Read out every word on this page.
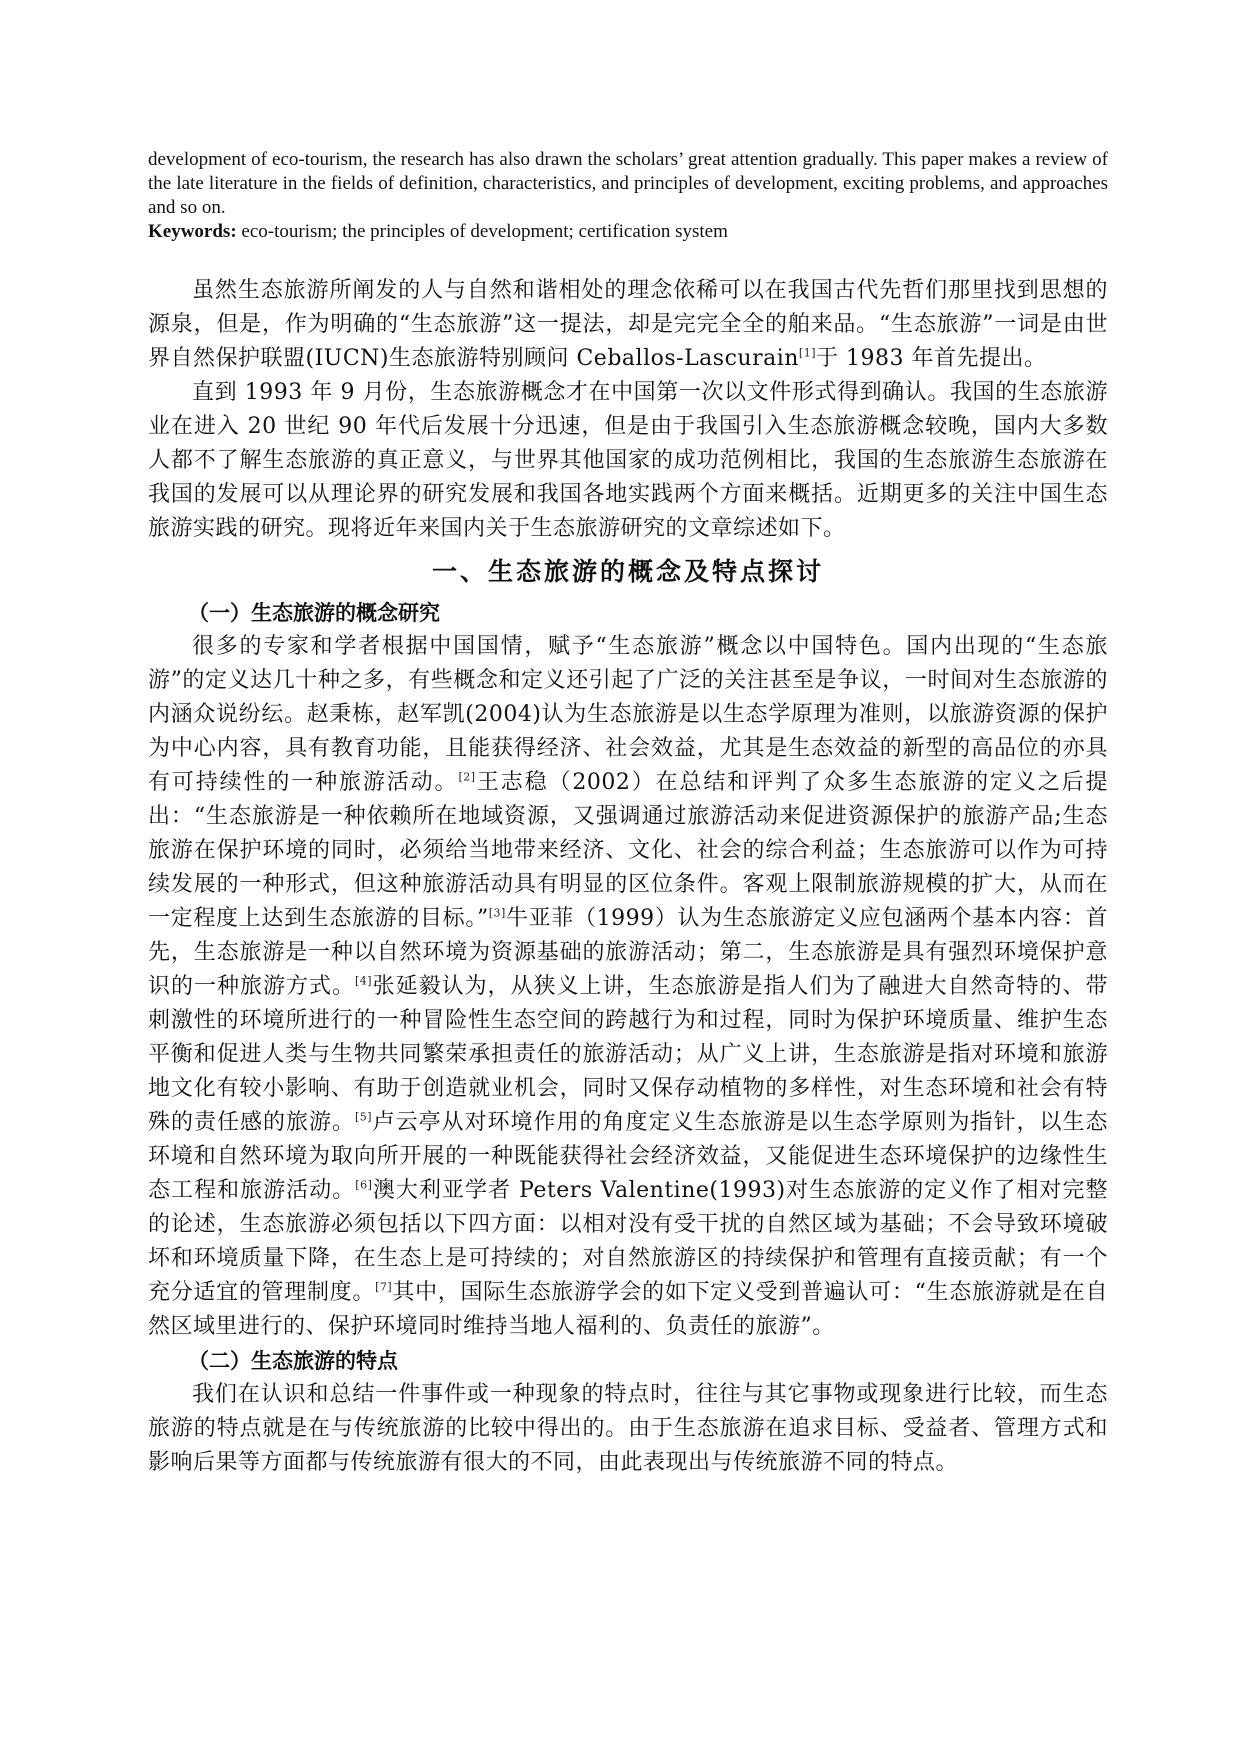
development of eco-tourism, the research has also drawn the scholars’ great attention gradually. This paper makes a review of the late literature in the fields of definition, characteristics, and principles of development, exciting problems, and approaches and so on.

Keywords: eco-tourism; the principles of development; certification system

虽然生态旅游所阐发的人与自然和谐相处的理念依稀可以在我国古代先哲们那里找到思想的源泉，但是，作为明确的“生态旅游”这一提法，却是完完全全的舶来品。“生态旅游”一词是由世界自然保护联盟(IUCN)生态旅游特别顾问 Ceballos-Lascurain[1]于 1983 年首先提出。

直到 1993 年 9 月份，生态旅游概念才在中国第一次以文件形式得到确认。我国的生态旅游业在进入 20 世纪 90 年代后发展十分迅速，但是由于我国引入生态旅游概念较晚，国内大多数人都不了解生态旅游的真正意义，与世界其他国家的成功范例相比，我国的生态旅游生态旅游在我国的发展可以从理论界的研究发展和我国各地实践两个方面来概括。近期更多的关注中国生态旅游实践的研究。现将近年来国内关于生态旅游研究的文章综述如下。

一、生态旅游的概念及特点探讨
（一）生态旅游的概念研究

很多的专家和学者根据中国国情，赋予“生态旅游”概念以中国特色。国内出现的“生态旅游”的定义达几十种之多，有些概念和定义还引起了广泛的关注甚至是争议，一时间对生态旅游的内涵众说纷纭。赵秉栋，赵军凯(2004)认为生态旅游是以生态学原理为准则，以旅游资源的保护为中心内容，具有教育功能，且能获得经济、社会效益，尤其是生态效益的新型的高品位的亦具有可持续性的一种旅游活动。[2]王志稳（2002）在总结和评判了众多生态旅游的定义之后提出：“生态旅游是一种依赖所在地域资源，又强调通过旅游活动来促进资源保护的旅游产品;生态旅游在保护环境的同时，必须给当地带来经济、文化、社会的综合利益；生态旅游可以作为可持续发展的一种形式，但这种旅游活动具有明显的区位条件。客观上限制旅游规模的扩大，从而在一定程度上达到生态旅游的目标。”[3]牛亚菲（1999）认为生态旅游定义应包涵两个基本内容：首先，生态旅游是一种以自然环境为资源基础的旅游活动；第二，生态旅游是具有强烈环境保护意识的一种旅游方式。[4]张延毅认为，从狭义上讲，生态旅游是指人们为了融进大自然奇特的、带刺激性的环境所进行的一种冒险性生态空间的跨越行为和过程，同时为保护环境质量、维护生态平衡和促进人类与生物共同繁荣承担责任的旅游活动；从广义上讲，生态旅游是指对环境和旅游地文化有较小影响、有助于创造就业机会，同时又保存动植物的多样性，对生态环境和社会有特殊的责任感的旅游。[5]卢云亭从对环境作用的角度定义生态旅游是以生态学原则为指针，以生态环境和自然环境为取向所开展的一种既能获得社会经济效益，又能促进生态环境保护的边缘性生态工程和旅游活动。[6]澳大利亚学者 Peters Valentine(1993)对生态旅游的定义作了相对完整的论述，生态旅游必须包括以下四方面：以相对没有受干扰的自然区域为基础；不会导致环境破坏和环境质量下降，在生态上是可持续的；对自然旅游区的持续保护和管理有直接贡献；有一个充分适宜的管理制度。[7]其中，国际生态旅游学会的如下定义受到普遍认可：“生态旅游就是在自然区域里进行的、保护环境同时维持当地人福利的、负责任的旅游”。

（二）生态旅游的特点

我们在认识和总结一件事件或一种现象的特点时，往往与其它事物或现象进行比较，而生态旅游的特点就是在与传统旅游的比较中得出的。由于生态旅游在追求目标、受益者、管理方式和影响后果等方面都与传统旅游有很大的不同，由此表现出与传统旅游不同的特点。
